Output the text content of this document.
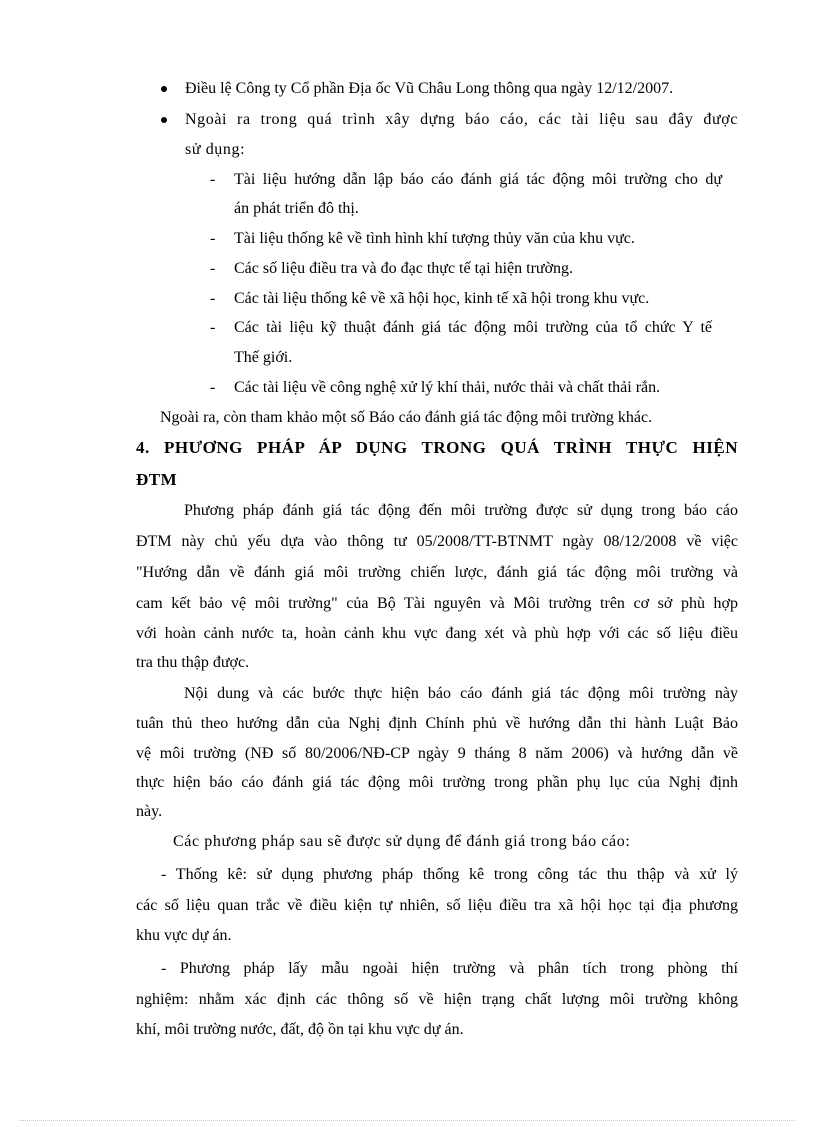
Điều lệ Công ty Cổ phần Địa ốc Vũ Châu Long thông qua ngày 12/12/2007.
Ngoài ra trong quá trình xây dựng báo cáo, các tài liệu sau đây được
sử dụng:
- Tài liệu hướng dẫn lập báo cáo đánh giá tác động môi trường cho dự
án phát triển đô thị.
- Tài liệu thống kê về tình hình khí tượng thủy văn của khu vực.
- Các số liệu điều tra và đo đạc thực tế tại hiện trường.
- Các tài liệu thống kê về xã hội học, kinh tế xã hội trong khu vực.
- Các tài liệu kỹ thuật đánh giá tác động môi trường của tổ chức Y tế
Thế giới.
- Các tài liệu về công nghệ xử lý khí thải, nước thải và chất thải rắn.
Ngoài ra, còn tham khảo một số Báo cáo đánh giá tác động môi trường khác.
4. PHƯƠNG PHÁP ÁP DỤNG TRONG QUÁ TRÌNH THỰC HIỆN
ĐTM
Phương pháp đánh giá tác động đến môi trường được sử dụng trong báo cáo
ĐTM này chủ yếu dựa vào thông tư 05/2008/TT-BTNMT ngày 08/12/2008 về việc
"Hướng dẫn về đánh giá môi trường chiến lược, đánh giá tác động môi trường và
cam kết bảo vệ môi trường" của Bộ Tài nguyên và Môi trường trên cơ sở phù hợp
với hoàn cảnh nước ta, hoàn cảnh khu vực đang xét và phù hợp với các số liệu điều
tra thu thập được.
Nội dung và các bước thực hiện báo cáo đánh giá tác động môi trường này
tuân thủ theo hướng dẫn của Nghị định Chính phủ về hướng dẫn thi hành Luật Bảo
vệ môi trường (NĐ số 80/2006/NĐ-CP ngày 9 tháng 8 năm 2006) và hướng dẫn về
thực hiện báo cáo đánh giá tác động môi trường trong phần phụ lục của Nghị định
này.
Các phương pháp sau sẽ được sử dụng để đánh giá trong báo cáo:
- Thống kê: sử dụng phương pháp thống kê trong công tác thu thập và xử lý
các số liệu quan trắc về điều kiện tự nhiên, số liệu điều tra xã hội học tại địa phương
khu vực dự án.
- Phương pháp lấy mẫu ngoài hiện trường và phân tích trong phòng thí
nghiệm: nhằm xác định các thông số về hiện trạng chất lượng môi trường không
khí, môi trường nước, đất, độ ồn tại khu vực dự án.
